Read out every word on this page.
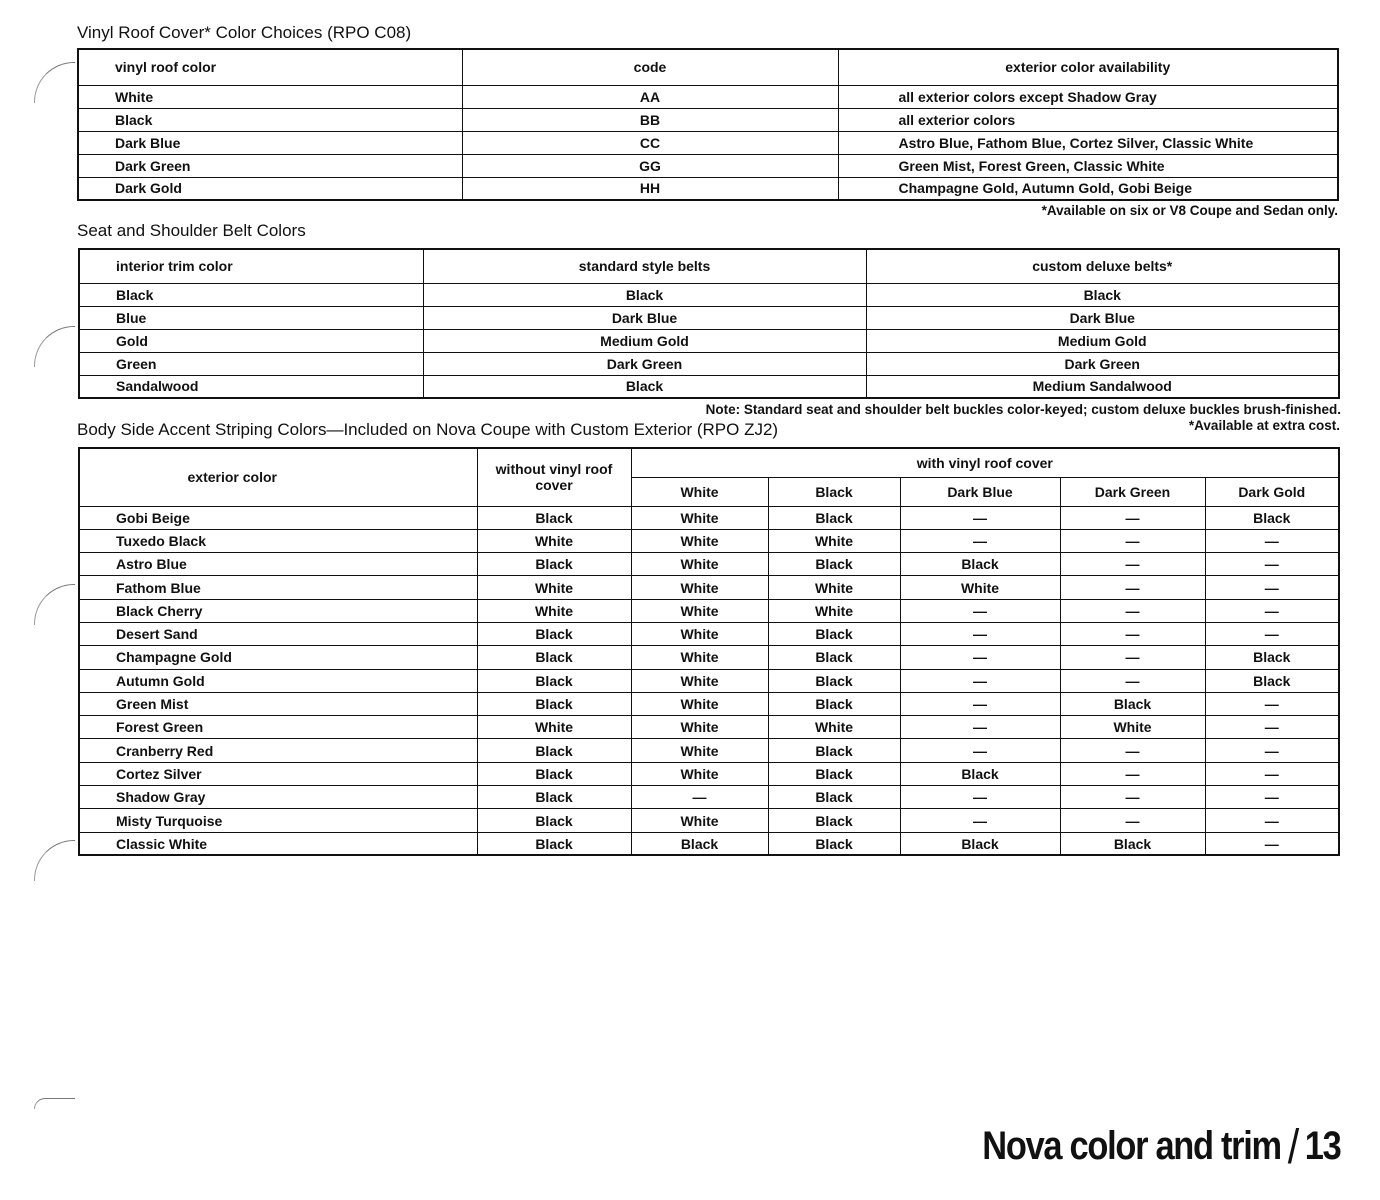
Vinyl Roof Cover* Color Choices (RPO C08)
vinyl roof color	code	exterior color availability
White	AA	all exterior colors except Shadow Gray
Black	BB	all exterior colors
Dark Blue	CC	Astro Blue, Fathom Blue, Cortez Silver, Classic White
Dark Green	GG	Green Mist, Forest Green, Classic White
Dark Gold	HH	Champagne Gold, Autumn Gold, Gobi Beige
*Available on six or V8 Coupe and Sedan only.
Seat and Shoulder Belt Colors
interior trim color	standard style belts	custom deluxe belts*
Black	Black	Black
Blue	Dark Blue	Dark Blue
Gold	Medium Gold	Medium Gold
Green	Dark Green	Dark Green
Sandalwood	Black	Medium Sandalwood
Note: Standard seat and shoulder belt buckles color-keyed; custom deluxe buckles brush-finished.
*Available at extra cost.
Body Side Accent Striping Colors—Included on Nova Coupe with Custom Exterior (RPO ZJ2)
exterior color	without vinyl roof cover	with vinyl roof cover				
		White	Black	Dark Blue	Dark Green	Dark Gold
Gobi Beige	Black	White	Black	—	—	Black
Tuxedo Black	White	White	White	—	—	—
Astro Blue	Black	White	Black	Black	—	—
Fathom Blue	White	White	White	White	—	—
Black Cherry	White	White	White	—	—	—
Desert Sand	Black	White	Black	—	—	—
Champagne Gold	Black	White	Black	—	—	Black
Autumn Gold	Black	White	Black	—	—	Black
Green Mist	Black	White	Black	—	Black	—
Forest Green	White	White	White	—	White	—
Cranberry Red	Black	White	Black	—	—	—
Cortez Silver	Black	White	Black	Black	—	—
Shadow Gray	Black	—	Black	—	—	—
Misty Turquoise	Black	White	Black	—	—	—
Classic White	Black	Black	Black	Black	Black	—
Nova color and trim / 13
